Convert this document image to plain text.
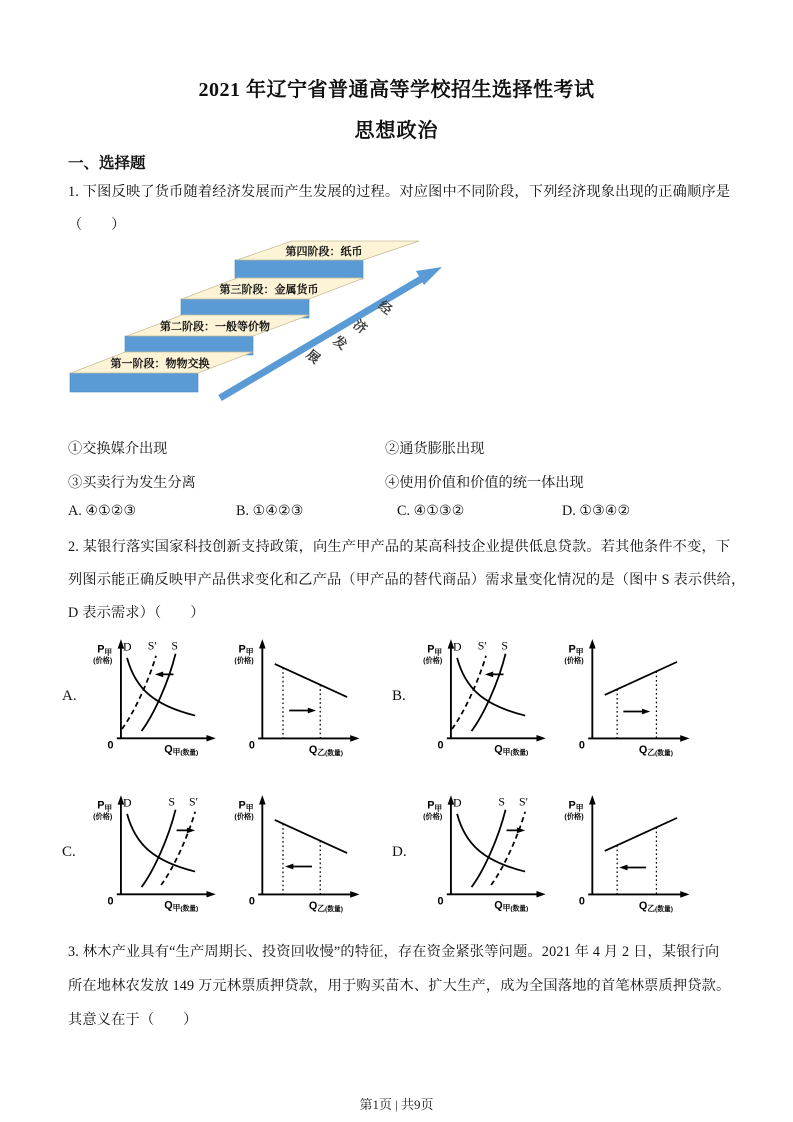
2021 年辽宁省普通高等学校招生选择性考试
思想政治
一、选择题
1. 下图反映了货币随着经济发展而产生发展的过程。对应图中不同阶段，下列经济现象出现的正确顺序是
（　　）
第四阶段：纸币
第三阶段：金属货币
第二阶段：一般等价物
第一阶段：物物交换
经
济
发
展
①交换媒介出现	②通货膨胀出现
③买卖行为发生分离	④使用价值和价值的统一体出现
A. ④①②③	B. ①④②③	C. ④①③②	D. ①③④②
2. 某银行落实国家科技创新支持政策，向生产甲产品的某高科技企业提供低息贷款。若其他条件不变，下
列图示能正确反映甲产品供求变化和乙产品（甲产品的替代商品）需求量变化情况的是（图中 S 表示供给，
D 表示需求）（　　）
A.
P甲
(价格)
0	Q甲(数量)
D	S
S′	P甲
(价格)
0	Q乙(数量)
B.
P甲
(价格)
0	Q甲(数量)
D	S
S′	P甲
(价格)
0	Q乙(数量)
C.
P甲
(价格)
0	Q甲(数量)
D	S S′	P甲
(价格)
0	Q乙(数量)
D.
P甲
(价格)
0	Q甲(数量)
D	S S′	P甲
(价格)
0	Q乙(数量)
3. 林木产业具有“生产周期长、投资回收慢”的特征，存在资金紧张等问题。2021 年 4 月 2 日，某银行向
所在地林农发放 149 万元林票质押贷款，用于购买苗木、扩大生产，成为全国落地的首笔林票质押贷款。
其意义在于（　　）
第1页 | 共9页
